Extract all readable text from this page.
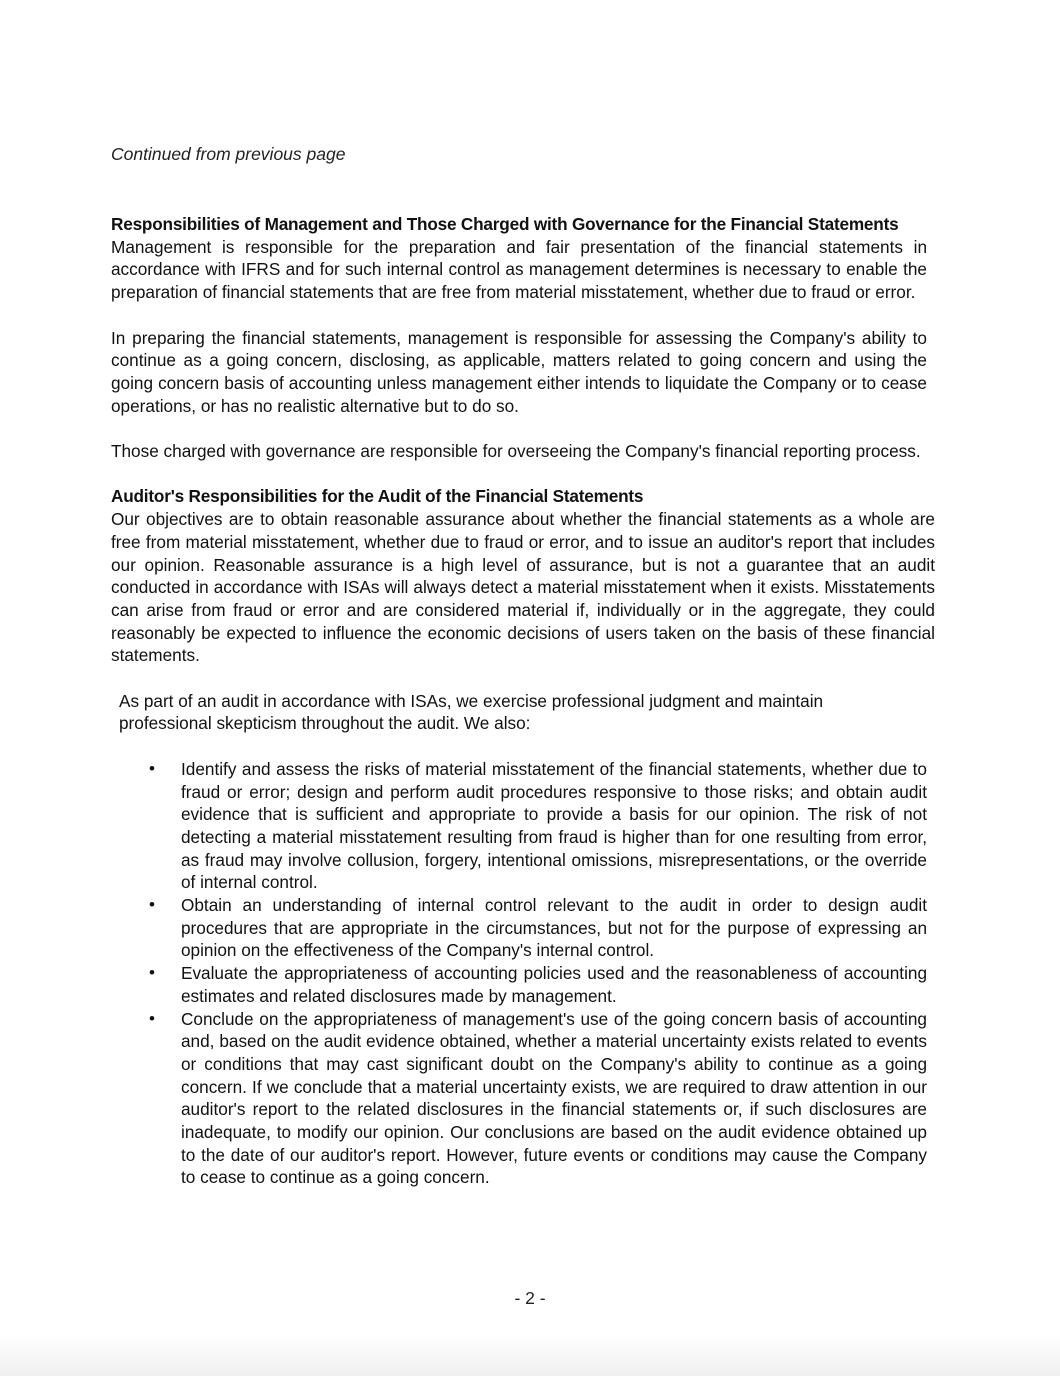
Continued from previous page
Responsibilities of Management and Those Charged with Governance for the Financial Statements

Management is responsible for the preparation and fair presentation of the financial statements in accordance with IFRS and for such internal control as management determines is necessary to enable the preparation of financial statements that are free from material misstatement, whether due to fraud or error.

In preparing the financial statements, management is responsible for assessing the Company's ability to continue as a going concern, disclosing, as applicable, matters related to going concern and using the going concern basis of accounting unless management either intends to liquidate the Company or to cease operations, or has no realistic alternative but to do so.

Those charged with governance are responsible for overseeing the Company's financial reporting process.

Auditor's Responsibilities for the Audit of the Financial Statements

Our objectives are to obtain reasonable assurance about whether the financial statements as a whole are free from material misstatement, whether due to fraud or error, and to issue an auditor's report that includes our opinion. Reasonable assurance is a high level of assurance, but is not a guarantee that an audit conducted in accordance with ISAs will always detect a material misstatement when it exists. Misstatements can arise from fraud or error and are considered material if, individually or in the aggregate, they could reasonably be expected to influence the economic decisions of users taken on the basis of these financial statements.

As part of an audit in accordance with ISAs, we exercise professional judgment and maintain professional skepticism throughout the audit. We also:

• Identify and assess the risks of material misstatement of the financial statements, whether due to fraud or error; design and perform audit procedures responsive to those risks; and obtain audit evidence that is sufficient and appropriate to provide a basis for our opinion. The risk of not detecting a material misstatement resulting from fraud is higher than for one resulting from error, as fraud may involve collusion, forgery, intentional omissions, misrepresentations, or the override of internal control.
• Obtain an understanding of internal control relevant to the audit in order to design audit procedures that are appropriate in the circumstances, but not for the purpose of expressing an opinion on the effectiveness of the Company's internal control.
• Evaluate the appropriateness of accounting policies used and the reasonableness of accounting estimates and related disclosures made by management.
• Conclude on the appropriateness of management's use of the going concern basis of accounting and, based on the audit evidence obtained, whether a material uncertainty exists related to events or conditions that may cast significant doubt on the Company's ability to continue as a going concern. If we conclude that a material uncertainty exists, we are required to draw attention in our auditor's report to the related disclosures in the financial statements or, if such disclosures are inadequate, to modify our opinion. Our conclusions are based on the audit evidence obtained up to the date of our auditor's report. However, future events or conditions may cause the Company to cease to continue as a going concern.
- 2 -
